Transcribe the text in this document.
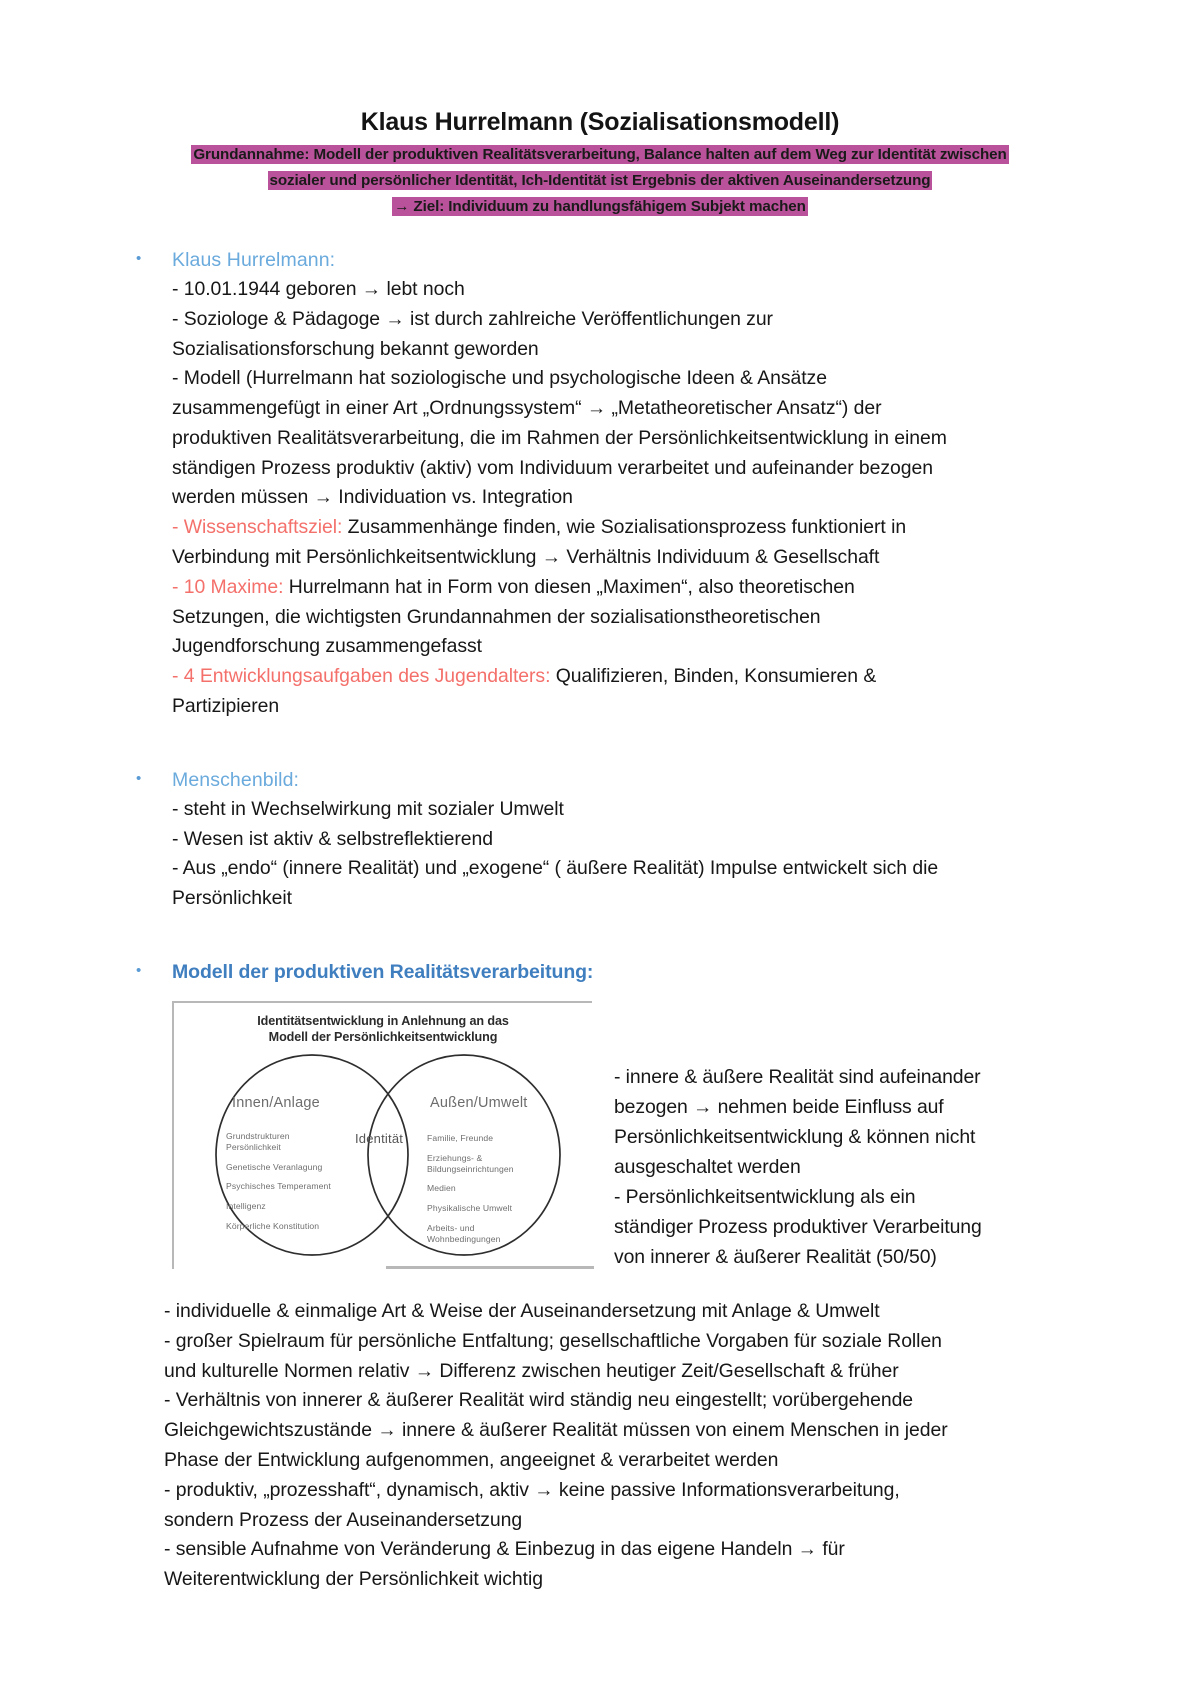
Klaus Hurrelmann (Sozialisationsmodell)
Grundannahme: Modell der produktiven Realitätsverarbeitung, Balance halten auf dem Weg zur Identität zwischen
sozialer und persönlicher Identität, Ich-Identität ist Ergebnis der aktiven Auseinandersetzung
→ Ziel: Individuum zu handlungsfähigem Subjekt machen
•	Klaus Hurrelmann:
- 10.01.1944 geboren → lebt noch
- Soziologe & Pädagoge → ist durch zahlreiche Veröffentlichungen zur
Sozialisationsforschung bekannt geworden
- Modell (Hurrelmann hat soziologische und psychologische Ideen & Ansätze
zusammengefügt in einer Art „Ordnungssystem“ → „Metatheoretischer Ansatz“) der
produktiven Realitätsverarbeitung, die im Rahmen der Persönlichkeitsentwicklung in einem
ständigen Prozess produktiv (aktiv) vom Individuum verarbeitet und aufeinander bezogen
werden müssen → Individuation vs. Integration
- Wissenschaftsziel: Zusammenhänge finden, wie Sozialisationsprozess funktioniert in
Verbindung mit Persönlichkeitsentwicklung → Verhältnis Individuum & Gesellschaft
- 10 Maxime: Hurrelmann hat in Form von diesen „Maximen“, also theoretischen
Setzungen, die wichtigsten Grundannahmen der sozialisationstheoretischen
Jugendforschung zusammengefasst
- 4 Entwicklungsaufgaben des Jugendalters: Qualifizieren, Binden, Konsumieren &
Partizipieren
•	Menschenbild:
- steht in Wechselwirkung mit sozialer Umwelt
- Wesen ist aktiv & selbstreflektierend
- Aus „endo“ (innere Realität) und „exogene“ ( äußere Realität) Impulse entwickelt sich die
Persönlichkeit
•	Modell der produktiven Realitätsverarbeitung:
Identitätsentwicklung in Anlehnung an das
Modell der Persönlichkeitsentwicklung
Innen/Anlage	Außen/Umwelt
Identität
Grundstrukturen
Persönlichkeit
Genetische Veranlagung
Psychisches Temperament
Intelligenz
Körperliche Konstitution
Familie, Freunde
Erziehungs- &
Bildungseinrichtungen
Medien
Physikalische Umwelt
Arbeits- und
Wohnbedingungen
- innere & äußere Realität sind aufeinander
bezogen → nehmen beide Einfluss auf
Persönlichkeitsentwicklung & können nicht
ausgeschaltet werden
- Persönlichkeitsentwicklung als ein
ständiger Prozess produktiver Verarbeitung
von innerer & äußerer Realität (50/50)
- individuelle & einmalige Art & Weise der Auseinandersetzung mit Anlage & Umwelt
- großer Spielraum für persönliche Entfaltung; gesellschaftliche Vorgaben für soziale Rollen
und kulturelle Normen relativ → Differenz zwischen heutiger Zeit/Gesellschaft & früher
- Verhältnis von innerer & äußerer Realität wird ständig neu eingestellt; vorübergehende
Gleichgewichtszustände → innere & äußerer Realität müssen von einem Menschen in jeder
Phase der Entwicklung aufgenommen, angeeignet & verarbeitet werden
- produktiv, „prozesshaft“, dynamisch, aktiv → keine passive Informationsverarbeitung,
sondern Prozess der Auseinandersetzung
- sensible Aufnahme von Veränderung & Einbezug in das eigene Handeln → für
Weiterentwicklung der Persönlichkeit wichtig
